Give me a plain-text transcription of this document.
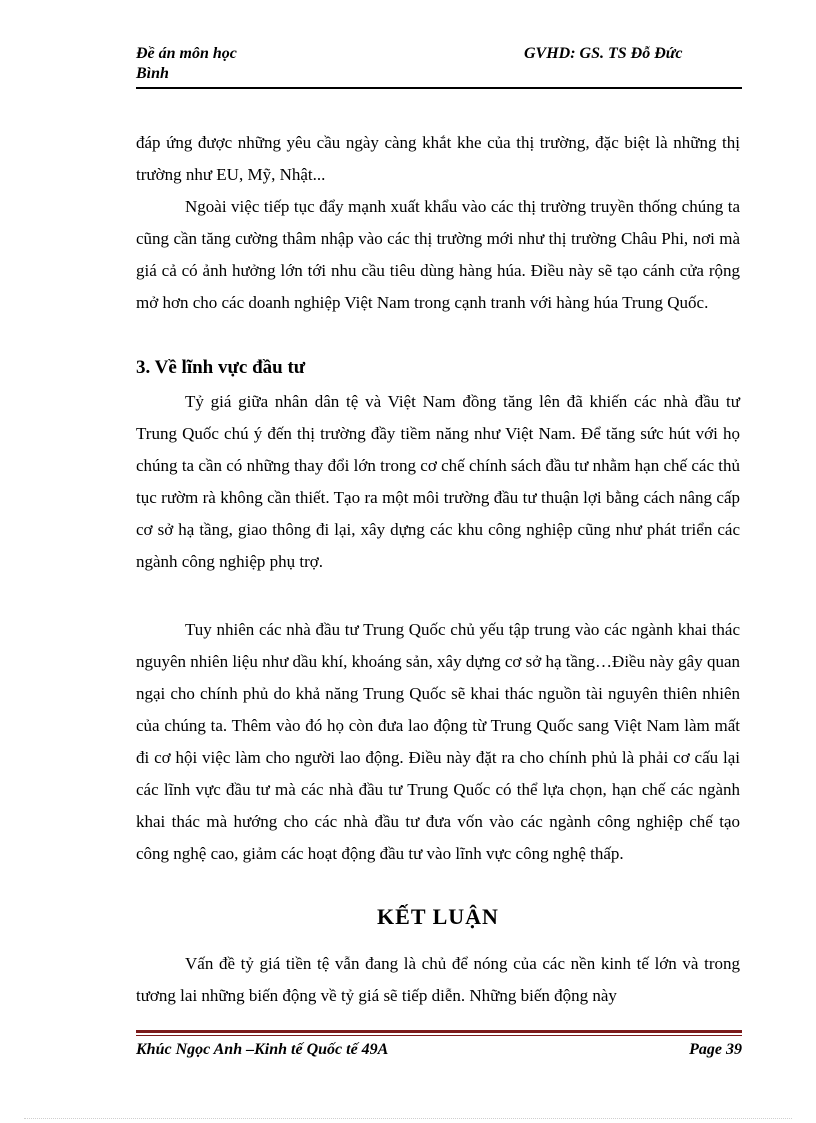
Đề án môn học	GVHD: GS. TS Đỗ Đức
Bình

đáp ứng được những yêu cầu ngày càng khắt khe của thị trường, đặc biệt là những thị trường như EU, Mỹ, Nhật...

Ngoài việc tiếp tục đẩy mạnh xuất khẩu vào các thị trường truyền thống chúng ta cũng cần tăng cường thâm nhập vào các thị trường mới như thị trường Châu Phi, nơi mà giá cả có ảnh hưởng lớn tới nhu cầu tiêu dùng hàng húa. Điều này sẽ tạo cánh cửa rộng mở hơn cho các doanh nghiệp Việt Nam trong cạnh tranh với hàng húa Trung Quốc.

3. Về lĩnh vực đầu tư

Tỷ giá giữa nhân dân tệ và Việt Nam đồng tăng lên đã khiến các nhà đầu tư Trung Quốc chú ý đến thị trường đầy tiềm năng như Việt Nam. Để tăng sức hút với họ chúng ta cần có những thay đổi lớn trong cơ chế chính sách đầu tư nhằm hạn chế các thủ tục rườm rà không cần thiết. Tạo ra một môi trường đầu tư thuận lợi bằng cách nâng cấp cơ sở hạ tầng, giao thông đi lại, xây dựng các khu công nghiệp cũng như phát triển các ngành công nghiệp phụ trợ.

Tuy nhiên các nhà đầu tư Trung Quốc chủ yếu tập trung vào các ngành khai thác nguyên nhiên liệu như dầu khí, khoáng sản, xây dựng cơ sở hạ tầng…Điều này gây quan ngại cho chính phủ do khả năng Trung Quốc sẽ khai thác nguồn tài nguyên thiên nhiên của chúng ta. Thêm vào đó họ còn đưa lao động từ Trung Quốc sang Việt Nam làm mất đi cơ hội việc làm cho người lao động. Điều này đặt ra cho chính phủ là phải cơ cấu lại các lĩnh vực đầu tư mà các nhà đầu tư Trung Quốc có thể lựa chọn, hạn chế các ngành khai thác mà hướng cho các nhà đầu tư đưa vốn vào các ngành công nghiệp chế tạo công nghệ cao, giảm các hoạt động đầu tư vào lĩnh vực công nghệ thấp.

KẾT LUẬN

Vấn đề tỷ giá tiền tệ vẫn đang là chủ để nóng của các nền kinh tế lớn và trong tương lai những biến động về tỷ giá sẽ tiếp diễn. Những biến động này

Khúc Ngọc Anh –Kinh tế Quốc tế 49A	Page 39
